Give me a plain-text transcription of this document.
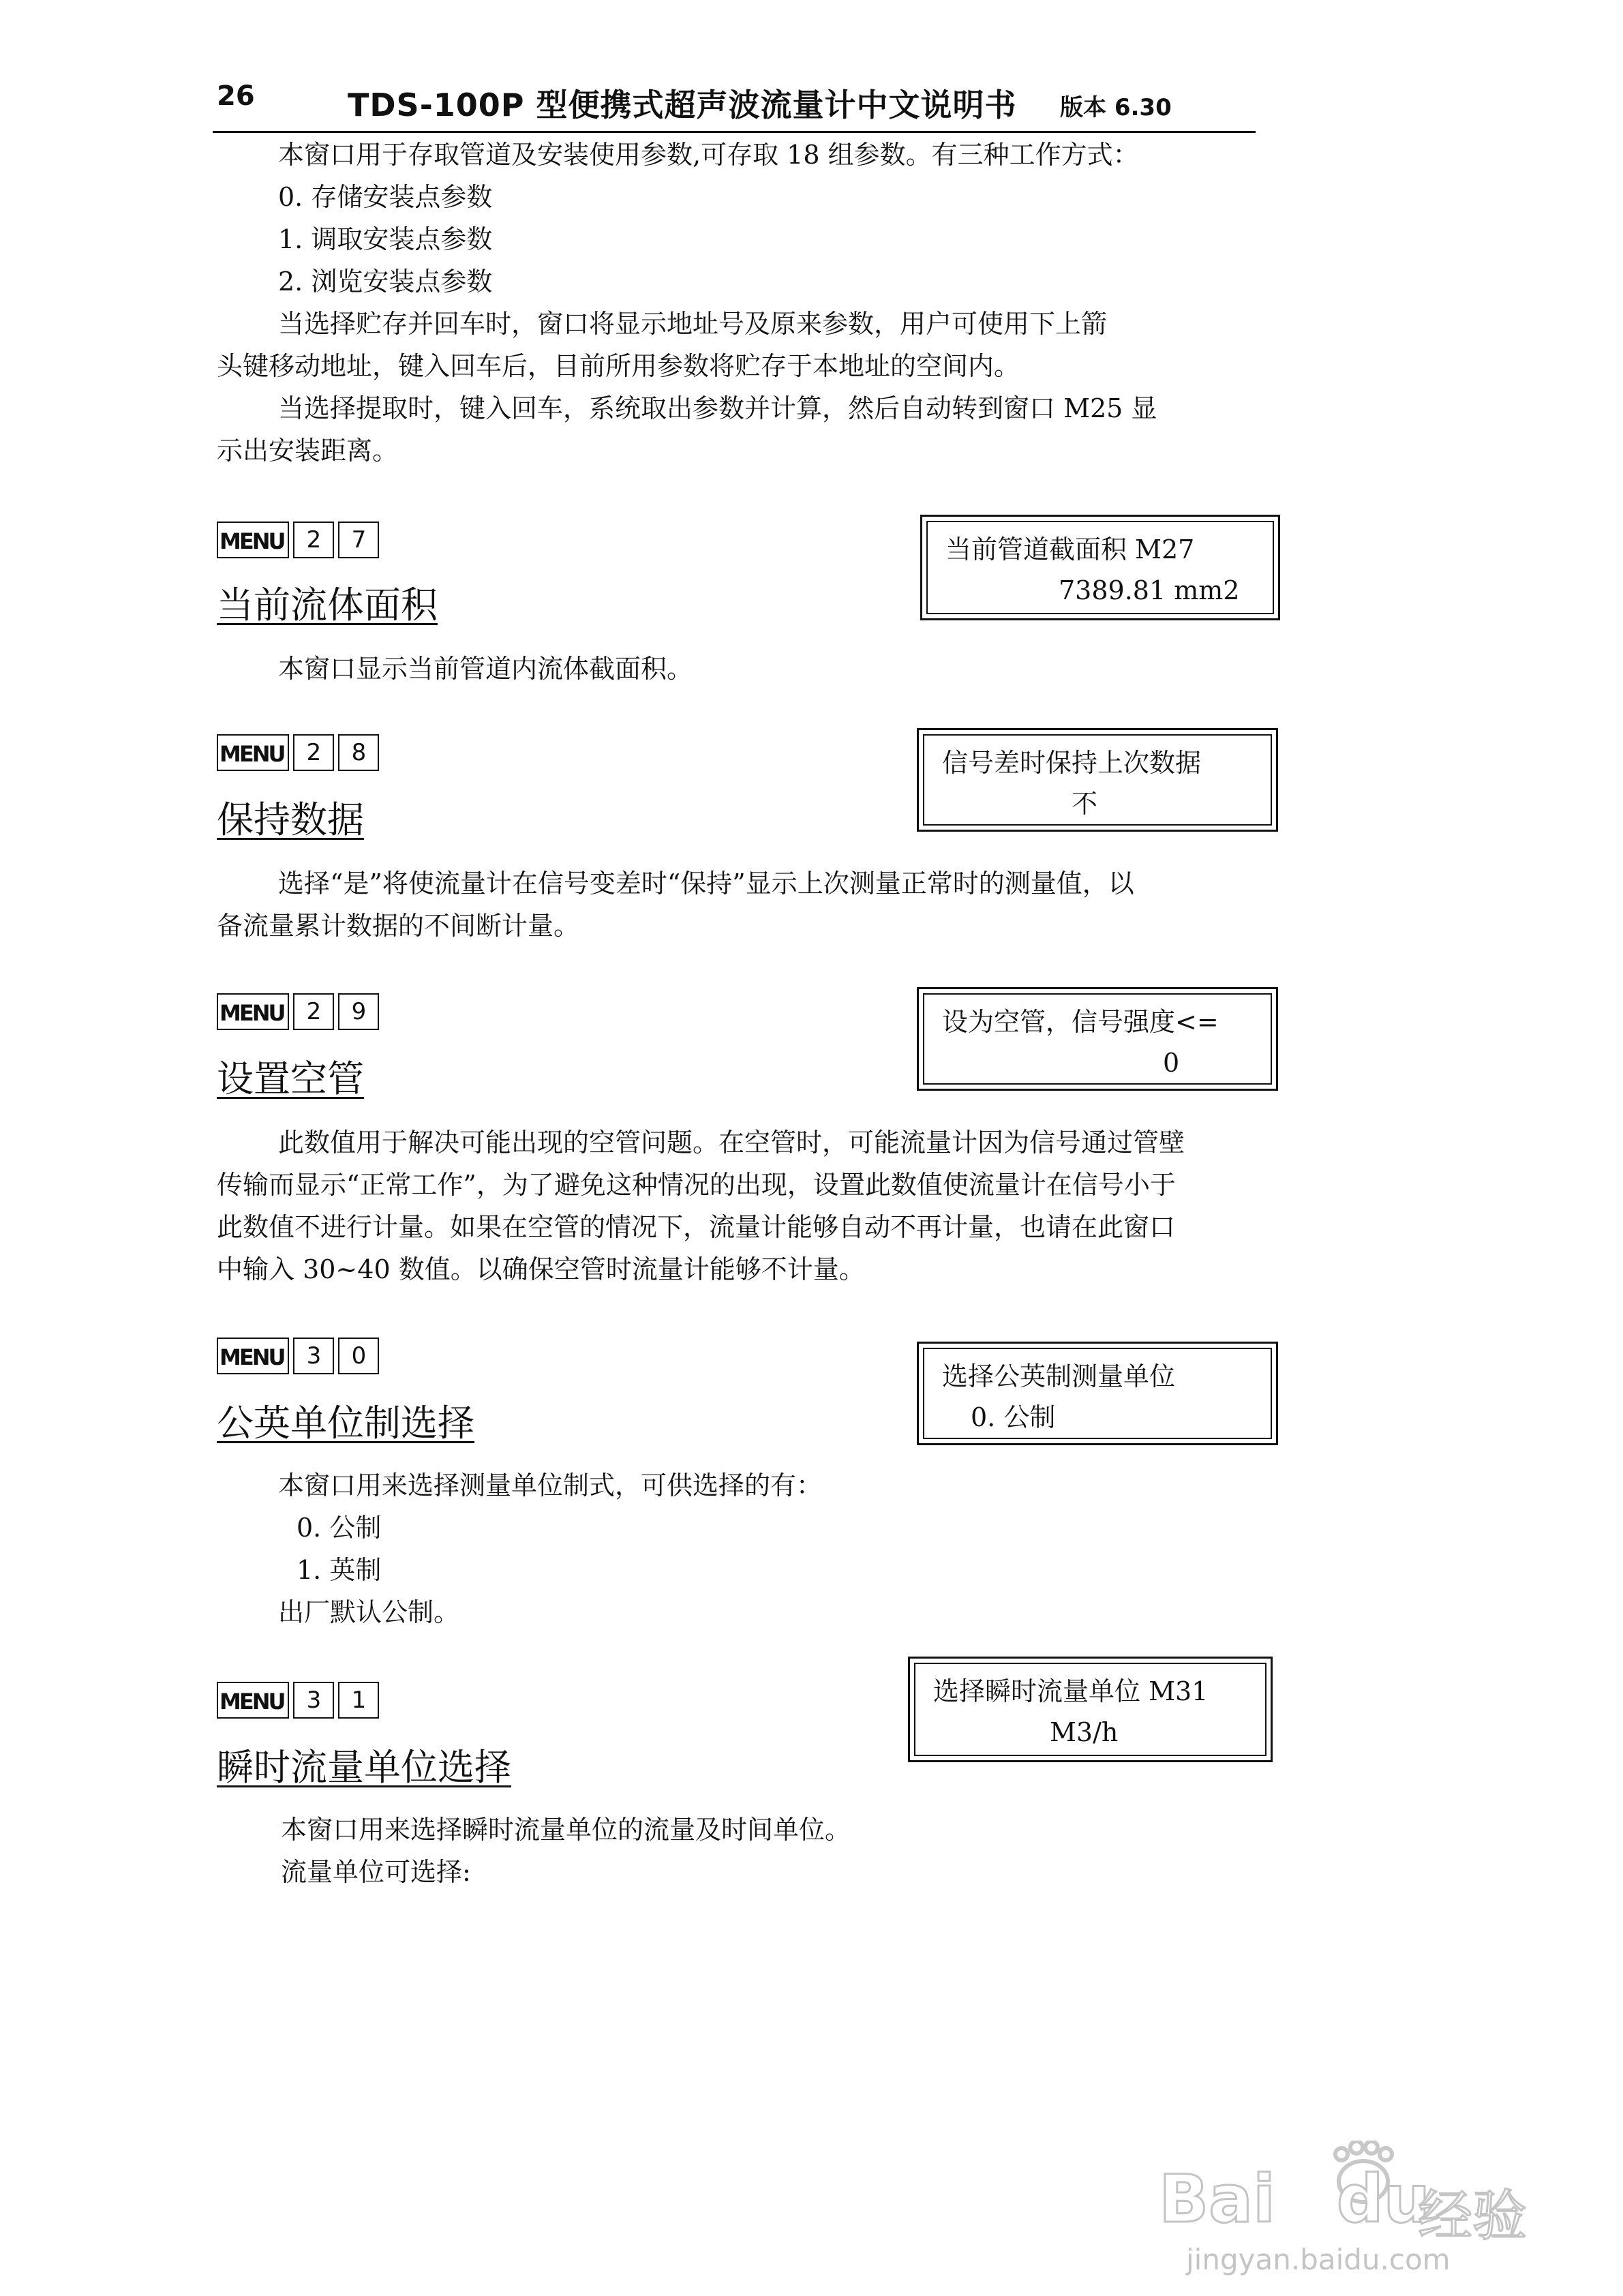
26	TDS-100P 型便携式超声波流量计中文说明书 版本 6.30
本窗口用于存取管道及安装使用参数,可存取 18 组参数。有三种工作方式：
0. 存储安装点参数
1. 调取安装点参数
2. 浏览安装点参数
当选择贮存并回车时，窗口将显示地址号及原来参数，用户可使用下上箭
头键移动地址，键入回车后，目前所用参数将贮存于本地址的空间内。
当选择提取时，键入回车，系统取出参数并计算，然后自动转到窗口 M25 显
示出安装距离。
MENU 2	7
当前流体面积
当前管道截面积 M27
7389.81 mm2
本窗口显示当前管道内流体截面积。
MENU 2	8
保持数据
信号差时保持上次数据
不
选择“是”将使流量计在信号变差时“保持”显示上次测量正常时的测量值，以
备流量累计数据的不间断计量。
MENU 2	9
设置空管
设为空管，信号强度<=
0
此数值用于解决可能出现的空管问题。在空管时，可能流量计因为信号通过管壁
传输而显示“正常工作”，为了避免这种情况的出现，设置此数值使流量计在信号小于
此数值不进行计量。如果在空管的情况下，流量计能够自动不再计量，也请在此窗口
中输入 30~40 数值。以确保空管时流量计能够不计量。
MENU 3	0
公英单位制选择
选择公英制测量单位
0. 公制
本窗口用来选择测量单位制式，可供选择的有：
0. 公制
1. 英制
出厂默认公制。
MENU 3	1
瞬时流量单位选择
选择瞬时流量单位 M31
M3/h
本窗口用来选择瞬时流量单位的流量及时间单位。
流量单位可选择:
Bai du
经验
jingyan.baidu.com
